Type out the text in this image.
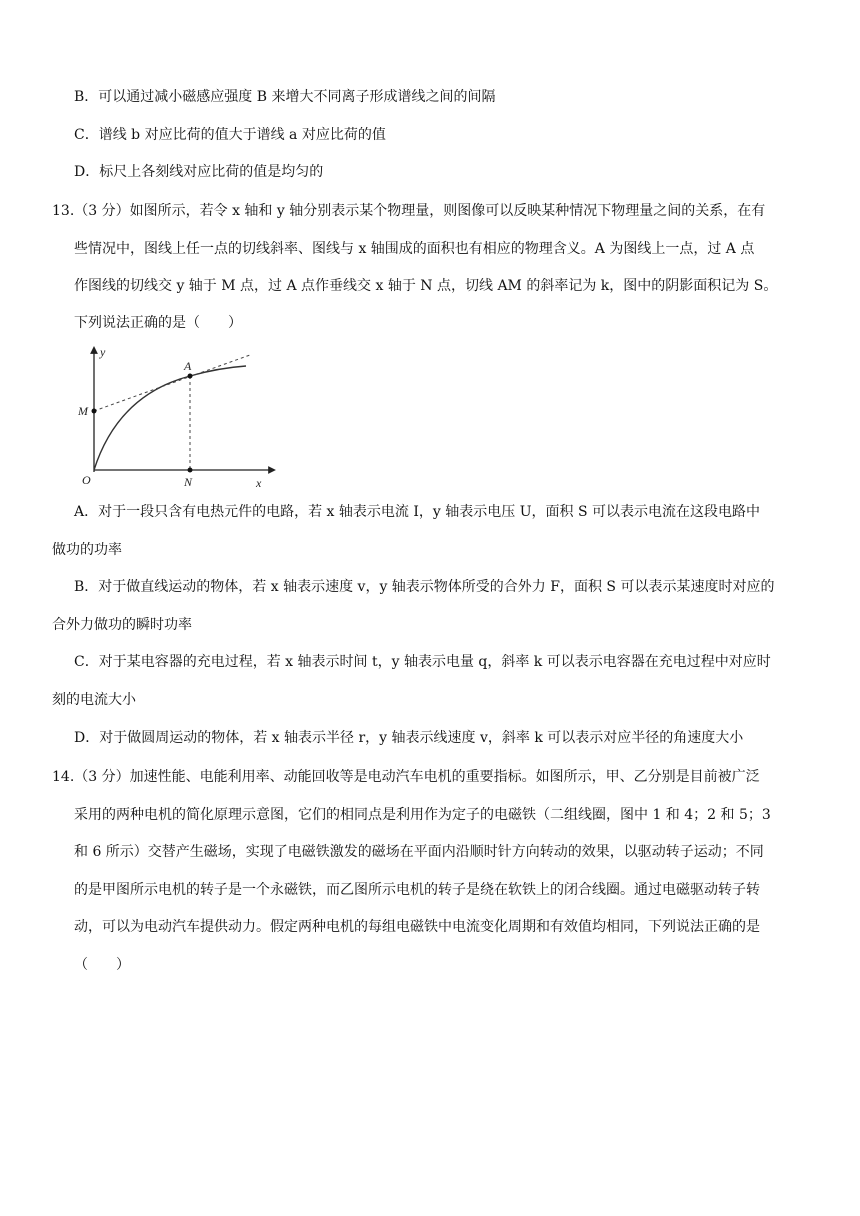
B．可以通过减小磁感应强度 B 来增大不同离子形成谱线之间的间隔
C．谱线 b 对应比荷的值大于谱线 a 对应比荷的值
D．标尺上各刻线对应比荷的值是均匀的
13.（3 分）如图所示，若令 x 轴和 y 轴分别表示某个物理量，则图像可以反映某种情况下物理量之间的关系，在有
些情况中，图线上任一点的切线斜率、图线与 x 轴围成的面积也有相应的物理含义。A 为图线上一点，过 A 点
作图线的切线交 y 轴于 M 点，过 A 点作垂线交 x 轴于 N 点，切线 AM 的斜率记为 k，图中的阴影面积记为 S。
下列说法正确的是（　　）
y
x
A
M
O	N
A．对于一段只含有电热元件的电路，若 x 轴表示电流 I，y 轴表示电压 U，面积 S 可以表示电流在这段电路中
做功的功率
B．对于做直线运动的物体，若 x 轴表示速度 v，y 轴表示物体所受的合外力 F，面积 S 可以表示某速度时对应的
合外力做功的瞬时功率
C．对于某电容器的充电过程，若 x 轴表示时间 t，y 轴表示电量 q，斜率 k 可以表示电容器在充电过程中对应时
刻的电流大小
D．对于做圆周运动的物体，若 x 轴表示半径 r，y 轴表示线速度 v，斜率 k 可以表示对应半径的角速度大小
14.（3 分）加速性能、电能利用率、动能回收等是电动汽车电机的重要指标。如图所示，甲、乙分别是目前被广泛
采用的两种电机的简化原理示意图，它们的相同点是利用作为定子的电磁铁（二组线圈，图中 1 和 4；2 和 5；3
和 6 所示）交替产生磁场，实现了电磁铁激发的磁场在平面内沿顺时针方向转动的效果，以驱动转子运动；不同
的是甲图所示电机的转子是一个永磁铁，而乙图所示电机的转子是绕在软铁上的闭合线圈。通过电磁驱动转子转
动，可以为电动汽车提供动力。假定两种电机的每组电磁铁中电流变化周期和有效值均相同，下列说法正确的是
（　　）
